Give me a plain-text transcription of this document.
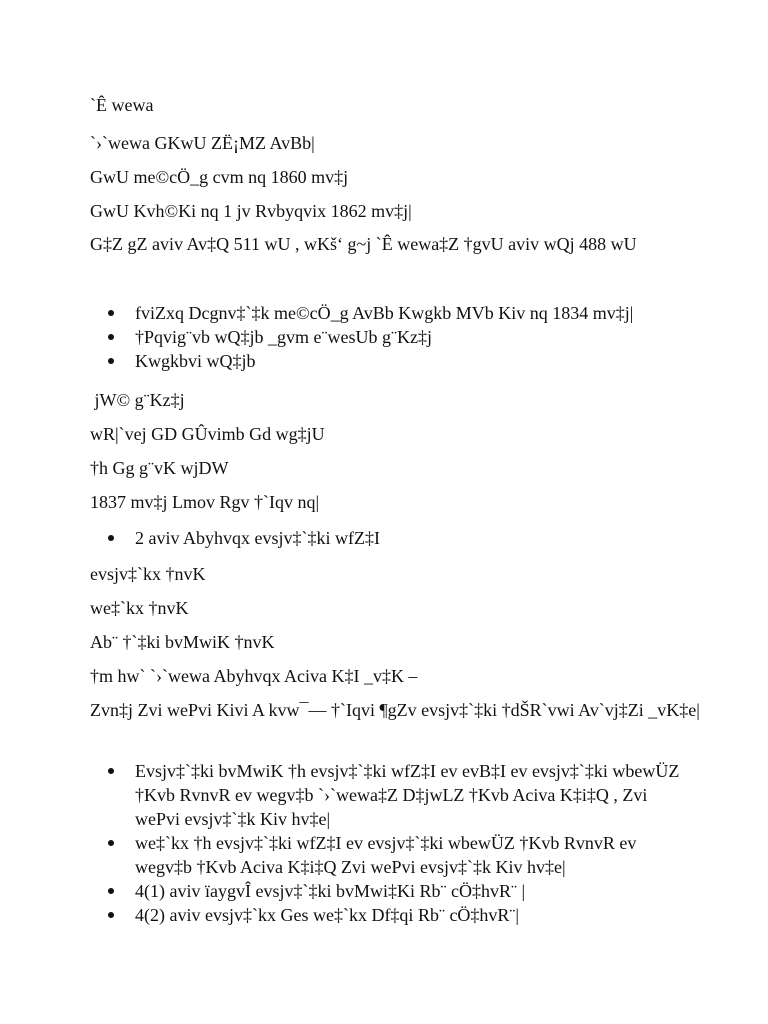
`Ê wewa

`›`wewa GKwU ZË¡MZ AvBb|

GwU me©cÖ_g cvm nq 1860 mv‡j

GwU Kvh©Ki nq 1 jv Rvbyqvix 1862 mv‡j|

G‡Z gZ aviv Av‡Q 511 wU , wKš‘ g~j `Ê wewa‡Z †gvU aviv wQj 488 wU

fviZxq Dcgnv‡`‡k me©cÖ_g AvBb Kwgkb MVb Kiv nq 1834 mv‡j|
†Pqvig¨vb wQ‡jb _gvm e¨wesUb g¨Kz‡j
Kwgkbvi wQ‡jb

jW© g¨Kz‡j

wR|`vej GD GÛvimb Gd wg‡jU

†h Gg g¨vK wjDW

1837 mv‡j Lmov Rgv †`Iqv nq|

2 aviv Abyhvqx evsjv‡`‡ki wfZ‡I

evsjv‡`kx †nvK

we‡`kx †nvK

Ab¨ †`‡ki bvMwiK †nvK

†m hw` `›`wewa Abyhvqx Aciva K‡I _v‡K –

Zvn‡j Zvi wePvi Kivi A kvw¯— †`Iqvi ¶gZv evsjv‡`‡ki †dŠR`vwi Av`vj‡Zi _vK‡e|

Evsjv‡`‡ki bvMwiK †h evsjv‡`‡ki wfZ‡I ev evB‡I ev evsjv‡`‡ki wbewÜZ †Kvb RvnvR ev wegv‡b `›`wewa‡Z D‡jwLZ †Kvb Aciva K‡i‡Q , Zvi wePvi evsjv‡`‡k Kiv hv‡e|
we‡`kx †h evsjv‡`‡ki wfZ‡I ev evsjv‡`‡ki wbewÜZ †Kvb RvnvR ev wegv‡b †Kvb Aciva K‡i‡Q Zvi wePvi evsjv‡`‡k Kiv hv‡e|
4(1) aviv ïaygvÎ evsjv‡`‡ki bvMwi‡Ki Rb¨ cÖ‡hvR¨ |
4(2) aviv evsjv‡`kx Ges we‡`kx Df‡qi Rb¨ cÖ‡hvR¨|
